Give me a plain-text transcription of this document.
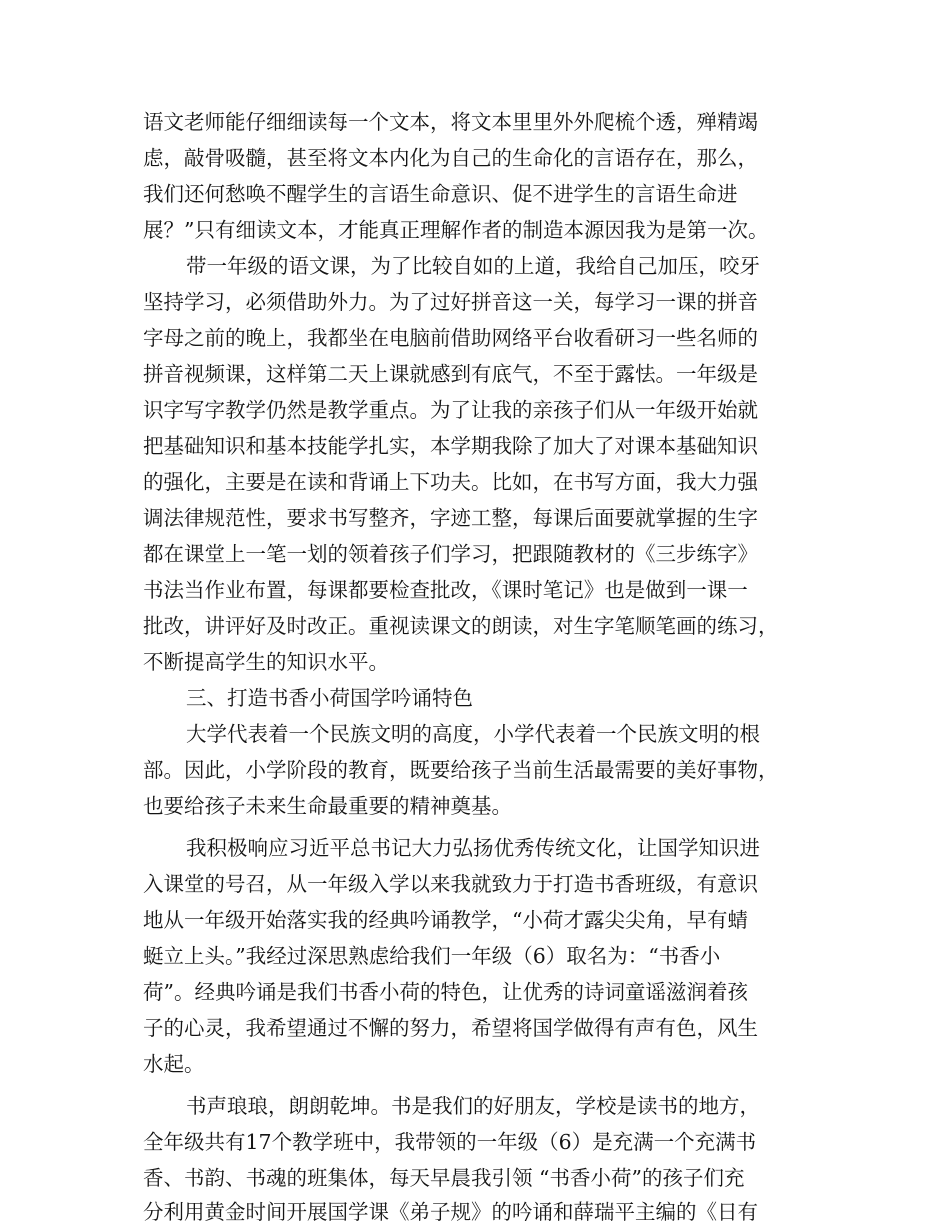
语文老师能仔细细读每一个文本，将文本里里外外爬梳个透，殚精竭
虑，敲骨吸髓，甚至将文本内化为自己的生命化的言语存在，那么，
我们还何愁唤不醒学生的言语生命意识、促不进学生的言语生命进
展？”只有细读文本，才能真正理解作者的制造本源因我为是第一次。
带一年级的语文课，为了比较自如的上道，我给自己加压，咬牙
坚持学习，必须借助外力。为了过好拼音这一关，每学习一课的拼音
字母之前的晚上，我都坐在电脑前借助网络平台收看研习一些名师的
拼音视频课，这样第二天上课就感到有底气，不至于露怯。一年级是
识字写字教学仍然是教学重点。为了让我的亲孩子们从一年级开始就
把基础知识和基本技能学扎实，本学期我除了加大了对课本基础知识
的强化，主要是在读和背诵上下功夫。比如，在书写方面，我大力强
调法律规范性，要求书写整齐，字迹工整，每课后面要就掌握的生字
都在课堂上一笔一划的领着孩子们学习，把跟随教材的《三步练字》
书法当作业布置，每课都要检查批改，《课时笔记》也是做到一课一
批改，讲评好及时改正。重视读课文的朗读，对生字笔顺笔画的练习，
不断提高学生的知识水平。
三、打造书香小荷国学吟诵特色
大学代表着一个民族文明的高度，小学代表着一个民族文明的根
部。因此，小学阶段的教育，既要给孩子当前生活最需要的美好事物，
也要给孩子未来生命最重要的精神奠基。
我积极响应习近平总书记大力弘扬优秀传统文化，让国学知识进
入课堂的号召，从一年级入学以来我就致力于打造书香班级，有意识
地从一年级开始落实我的经典吟诵教学，“小荷才露尖尖角，早有蜻
蜓立上头。”我经过深思熟虑给我们一年级（6）取名为：“书香小
荷”。经典吟诵是我们书香小荷的特色，让优秀的诗词童谣滋润着孩
子的心灵，我希望通过不懈的努力，希望将国学做得有声有色，风生
水起。
书声琅琅，朗朗乾坤。书是我们的好朋友，学校是读书的地方，
全年级共有17个教学班中，我带领的一年级（6）是充满一个充满书
香、书韵、书魂的班集体，每天早晨我引领 “书香小荷”的孩子们充
分利用黄金时间开展国学课《弟子规》的吟诵和薛瑞平主编的《日有
